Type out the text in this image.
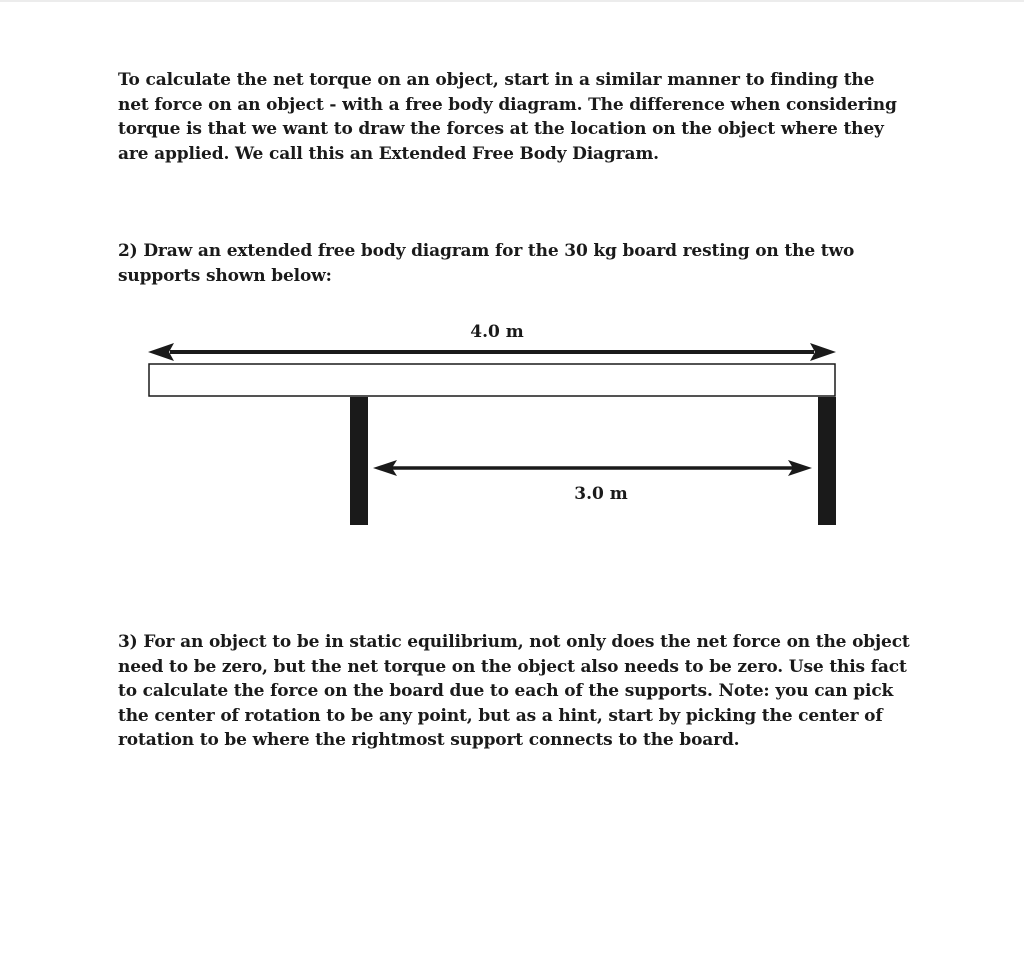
To calculate the net torque on an object, start in a similar manner to finding the net force on an object - with a free body diagram. The difference when considering torque is that we want to draw the forces at the location on the object where they are applied. We call this an Extended Free Body Diagram.

2) Draw an extended free body diagram for the 30 kg board resting on the two supports shown below:

4.0 m
3.0 m

3) For an object to be in static equilibrium, not only does the net force on the object need to be zero, but the net torque on the object also needs to be zero. Use this fact to calculate the force on the board due to each of the supports. Note: you can pick the center of rotation to be any point, but as a hint, start by picking the center of rotation to be where the rightmost support connects to the board.
